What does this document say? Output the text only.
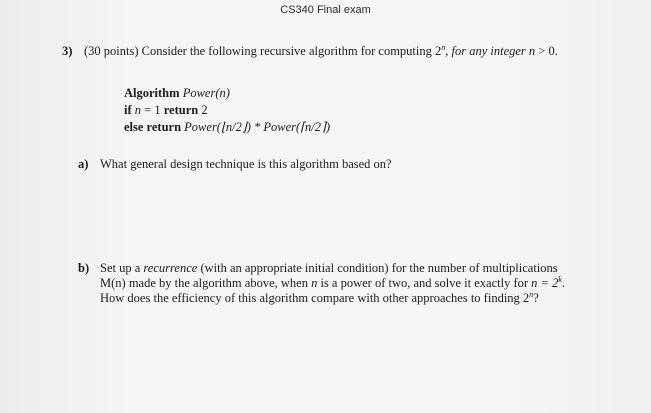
CS340 Final exam
3) (30 points) Consider the following recursive algorithm for computing 2$^n$, for any integer n > 0.
Algorithm Power(n)
if n = 1 return 2
else return Power(⌊n/2⌋) * Power(⌈n/2⌉)
a) What general design technique is this algorithm based on?
b) Set up a recurrence (with an appropriate initial condition) for the number of multiplications
M(n) made by the algorithm above, when n is a power of two, and solve it exactly for $n = 2^k$.
How does the efficiency of this algorithm compare with other approaches to finding 2$^n$?
